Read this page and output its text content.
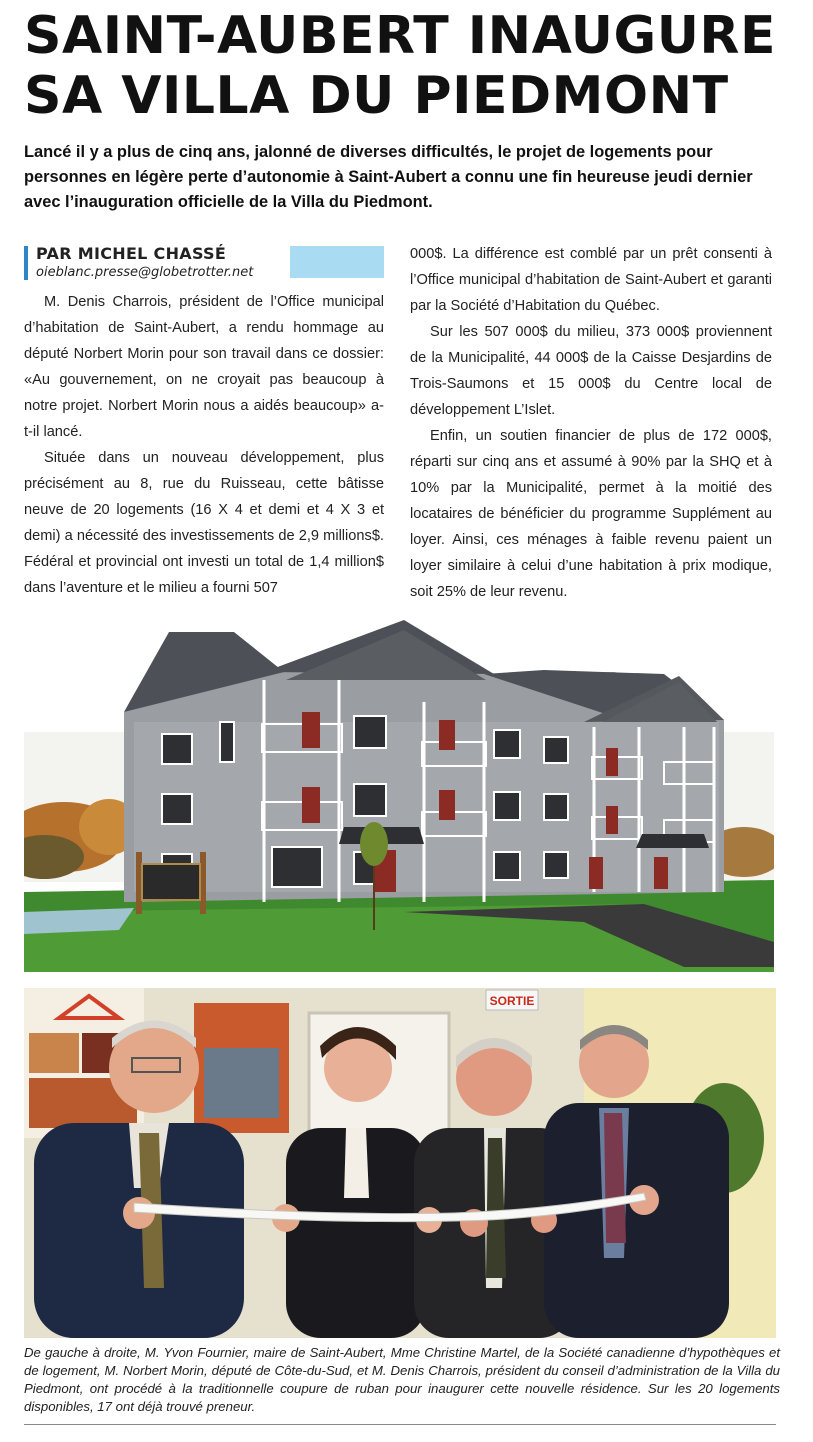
SAINT-AUBERT INAUGURE
SA VILLA DU PIEDMONT

Lancé il y a plus de cinq ans, jalonné de diverses difficultés, le projet de logements pour personnes en légère perte d’autonomie à Saint-Aubert a connu une fin heureuse jeudi dernier avec l’inauguration officielle de la Villa du Piedmont.

PAR MICHEL CHASSÉ

oieblanc.presse@globetrotter.net

M. Denis Charrois, président de l’Office municipal d’habitation de Saint-Aubert, a rendu hommage au député Norbert Morin pour son travail dans ce dossier: «Au gouvernement, on ne croyait pas beaucoup à notre projet. Norbert Morin nous a aidés beaucoup» a-t-il lancé.

Située dans un nouveau développement, plus précisément au 8, rue du Ruisseau, cette bâtisse neuve de 20 logements (16 X 4 et demi et 4 X 3 et demi) a nécessité des investissements de 2,9 millions$. Fédéral et provincial ont investi un total de 1,4 million$ dans l’aventure et le milieu a fourni 507

000$. La différence est comblé par un prêt consenti à l’Office municipal d’habitation de Saint-Aubert et garanti par la Société d’Habitation du Québec.

Sur les 507 000$ du milieu, 373 000$ proviennent de la Municipalité, 44 000$ de la Caisse Desjardins de Trois-Saumons et 15 000$ du Centre local de développement L’Islet.

Enfin, un soutien financier de plus de 172 000$, réparti sur cinq ans et assumé à 90% par la SHQ et à 10% par la Municipalité, permet à la moitié des locataires de bénéficier du programme Supplément au loyer. Ainsi, ces ménages à faible revenu paient un loyer similaire à celui d’une habitation à prix modique, soit 25% de leur revenu.

SORTIE

De gauche à droite, M. Yvon Fournier, maire de Saint-Aubert, Mme Christine Martel, de la Société canadienne d’hypothèques et de logement, M. Norbert Morin, député de Côte-du-Sud, et M. Denis Charrois, président du conseil d’administration de la Villa du Piedmont, ont procédé à la traditionnelle coupure de ruban pour inaugurer cette nouvelle résidence. Sur les 20 logements disponibles, 17 ont déjà trouvé preneur.
